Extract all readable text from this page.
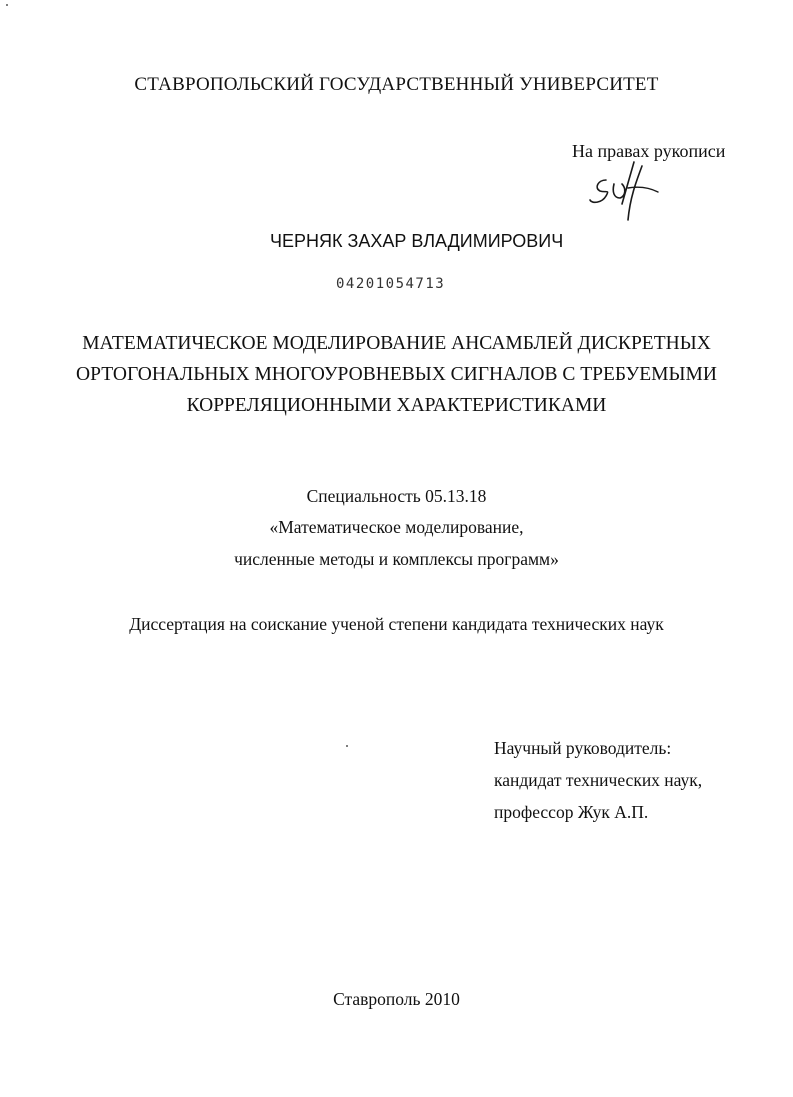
СТАВРОПОЛЬСКИЙ ГОСУДАРСТВЕННЫЙ УНИВЕРСИТЕТ
На правах рукописи
ЧЕРНЯК ЗАХАР ВЛАДИМИРОВИЧ
04201054713
МАТЕМАТИЧЕСКОЕ МОДЕЛИРОВАНИЕ АНСАМБЛЕЙ ДИСКРЕТНЫХ
ОРТОГОНАЛЬНЫХ МНОГОУРОВНЕВЫХ СИГНАЛОВ С ТРЕБУЕМЫМИ
КОРРЕЛЯЦИОННЫМИ ХАРАКТЕРИСТИКАМИ
Специальность 05.13.18
«Математическое моделирование,
численные методы и комплексы программ»
Диссертация на соискание ученой степени кандидата технических наук
Научный руководитель:
кандидат технических наук,
профессор Жук А.П.
Ставрополь 2010
